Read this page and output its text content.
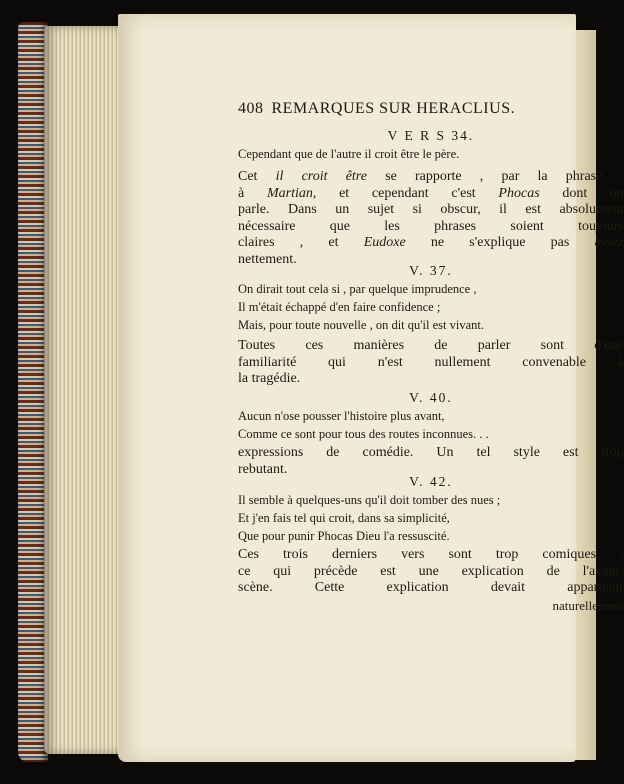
408 REMARQUES SUR HERACLIUS.
V E R S 34.
Cependant que de l'autre il croit être le père.
Cet il croit être se rapporte , par la phrase ,
à Martian, et cependant c'est Phocas dont on
parle. Dans un sujet si obscur, il est absolument
nécessaire que les phrases soient toujours
claires , et Eudoxe ne s'explique pas assez
nettement.
V. 37.
On dirait tout cela si , par quelque imprudence ,
Il m'était échappé d'en faire confidence ;
Mais, pour toute nouvelle , on dit qu'il est vivant.
Toutes ces manières de parler sont d'une
familiarité qui n'est nullement convenable à
la tragédie.
V. 40.
Aucun n'ose pousser l'histoire plus avant,
Comme ce sont pour tous des routes inconnues. . .
expressions de comédie. Un tel style est trop
rebutant.
V. 42.
Il semble à quelques-uns qu'il doit tomber des nues ;
Et j'en fais tel qui croit, dans sa simplicité,
Que pour punir Phocas Dieu l'a ressuscité.
Ces trois derniers vers sont trop comiques ;
ce qui précède est une explication de l'avant-
scène. Cette explication devait appartenir
naturellement
